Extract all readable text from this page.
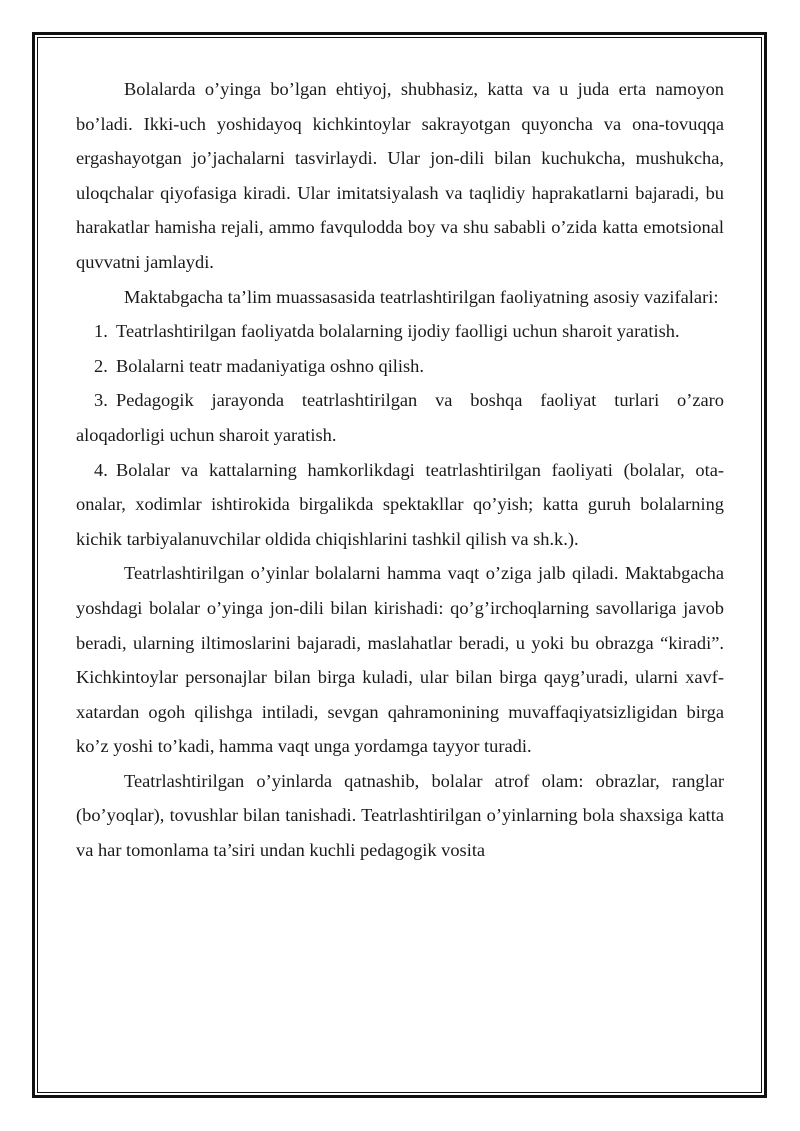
Bolalarda o’yinga bo’lgan ehtiyoj, shubhasiz, katta va u juda erta namoyon bo’ladi. Ikki-uch yoshidayoq kichkintoylar sakrayotgan quyoncha va ona-tovuqqa ergashayotgan jo’jachalarni tasvirlaydi. Ular jon-dili bilan kuchukcha, mushukcha, uloqchalar qiyofasiga kiradi. Ular imitatsiyalash va taqlidiy haprakatlarni bajaradi, bu harakatlar hamisha rejali, ammo favqulodda boy va shu sababli o’zida katta emotsional quvvatni jamlaydi.

Maktabgacha ta’lim muassasasida teatrlashtirilgan faoliyatning asosiy vazifalari:

1. Teatrlashtirilgan faoliyatda bolalarning ijodiy faolligi uchun sharoit yaratish.

2. Bolalarni teatr madaniyatiga oshno qilish.

3. Pedagogik jarayonda teatrlashtirilgan va boshqa faoliyat turlari o’zaro aloqadorligi uchun sharoit yaratish.

4. Bolalar va kattalarning hamkorlikdagi teatrlashtirilgan faoliyati (bolalar, ota-onalar, xodimlar ishtirokida birgalikda spektakllar qo’yish; katta guruh bolalarning kichik tarbiyalanuvchilar oldida chiqishlarini tashkil qilish va sh.k.).

Teatrlashtirilgan o’yinlar bolalarni hamma vaqt o’ziga jalb qiladi. Maktabgacha yoshdagi bolalar o’yinga jon-dili bilan kirishadi: qo’g’irchoqlarning savollariga javob beradi, ularning iltimoslarini bajaradi, maslahatlar beradi, u yoki bu obrazga “kiradi”. Kichkintoylar personajlar bilan birga kuladi, ular bilan birga qayg’uradi, ularni xavf-xatardan ogoh qilishga intiladi, sevgan qahramonining muvaffaqiyatsizligidan birga ko’z yoshi to’kadi, hamma vaqt unga yordamga tayyor turadi.

Teatrlashtirilgan o’yinlarda qatnashib, bolalar atrof olam: obrazlar, ranglar (bo’yoqlar), tovushlar bilan tanishadi. Teatrlashtirilgan o’yinlarning bola shaxsiga katta va har tomonlama ta’siri undan kuchli pedagogik vosita
